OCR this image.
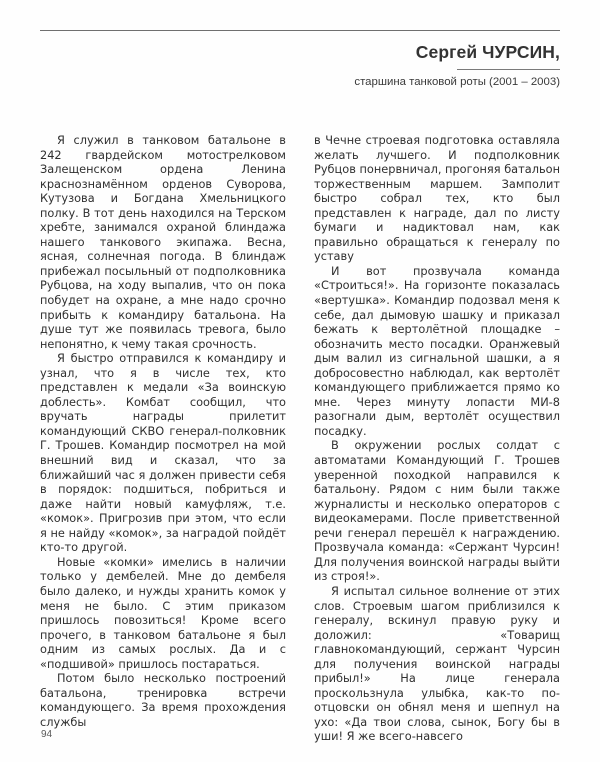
Сергей ЧУРСИН,
старшина танковой роты (2001 – 2003)

Я служил в танковом батальоне в 242 гвардейском мотострелковом Залещенском ордена Ленина краснознамённом орденов Суворова, Кутузова и Богдана Хмельницкого полку. В тот день находился на Терском хребте, занимался охраной блиндажа нашего танкового экипажа. Весна, ясная, солнечная погода. В блиндаж прибежал посыльный от подполковника Рубцова, на ходу выпалив, что он пока побудет на охране, а мне надо срочно прибыть к командиру батальона. На душе тут же появилась тревога, было непонятно, к чему такая срочность.

Я быстро отправился к командиру и узнал, что я в числе тех, кто представлен к медали «За воинскую доблесть». Комбат сообщил, что вручать награды прилетит командующий СКВО генерал-полковник Г. Трошев. Командир посмотрел на мой внешний вид и сказал, что за ближайший час я должен привести себя в порядок: подшиться, побриться и даже найти новый камуфляж, т.е. «комок». Пригрозив при этом, что если я не найду «комок», за наградой пойдёт кто-то другой.

Новые «комки» имелись в наличии только у дембелей. Мне до дембеля было далеко, и нужды хранить комок у меня не было. С этим приказом пришлось повозиться! Кроме всего прочего, в танковом батальоне я был одним из самых рослых. Да и с «подшивой» пришлось постараться.

Потом было несколько построений батальона, тренировка встречи командующего. За время прохождения службы

в Чечне строевая подготовка оставляла желать лучшего. И подполковник Рубцов понервничал, прогоняя батальон торжественным маршем. Замполит быстро собрал тех, кто был представлен к награде, дал по листу бумаги и надиктовал нам, как правильно обращаться к генералу по уставу

И вот прозвучала команда «Строиться!». На горизонте показалась «вертушка». Командир подозвал меня к себе, дал дымовую шашку и приказал бежать к вертолётной площадке – обозначить место посадки. Оранжевый дым валил из сигнальной шашки, а я добросовестно наблюдал, как вертолёт командующего приближается прямо ко мне. Через минуту лопасти МИ-8 разогнали дым, вертолёт осуществил посадку.

В окружении рослых солдат с автоматами Командующий Г. Трошев уверенной походкой направился к батальону. Рядом с ним были также журналисты и несколько операторов с видеокамерами. После приветственной речи генерал перешёл к награждению. Прозвучала команда: «Сержант Чурсин! Для получения воинской награды выйти из строя!».

Я испытал сильное волнение от этих слов. Строевым шагом приблизился к генералу, вскинул правую руку и доложил: «Товарищ главнокомандующий, сержант Чурсин для получения воинской награды прибыл!» На лице генерала проскользнула улыбка, как-то по-отцовски он обнял меня и шепнул на ухо: «Да твои слова, сынок, Богу бы в уши! Я же всего-навсего

94
